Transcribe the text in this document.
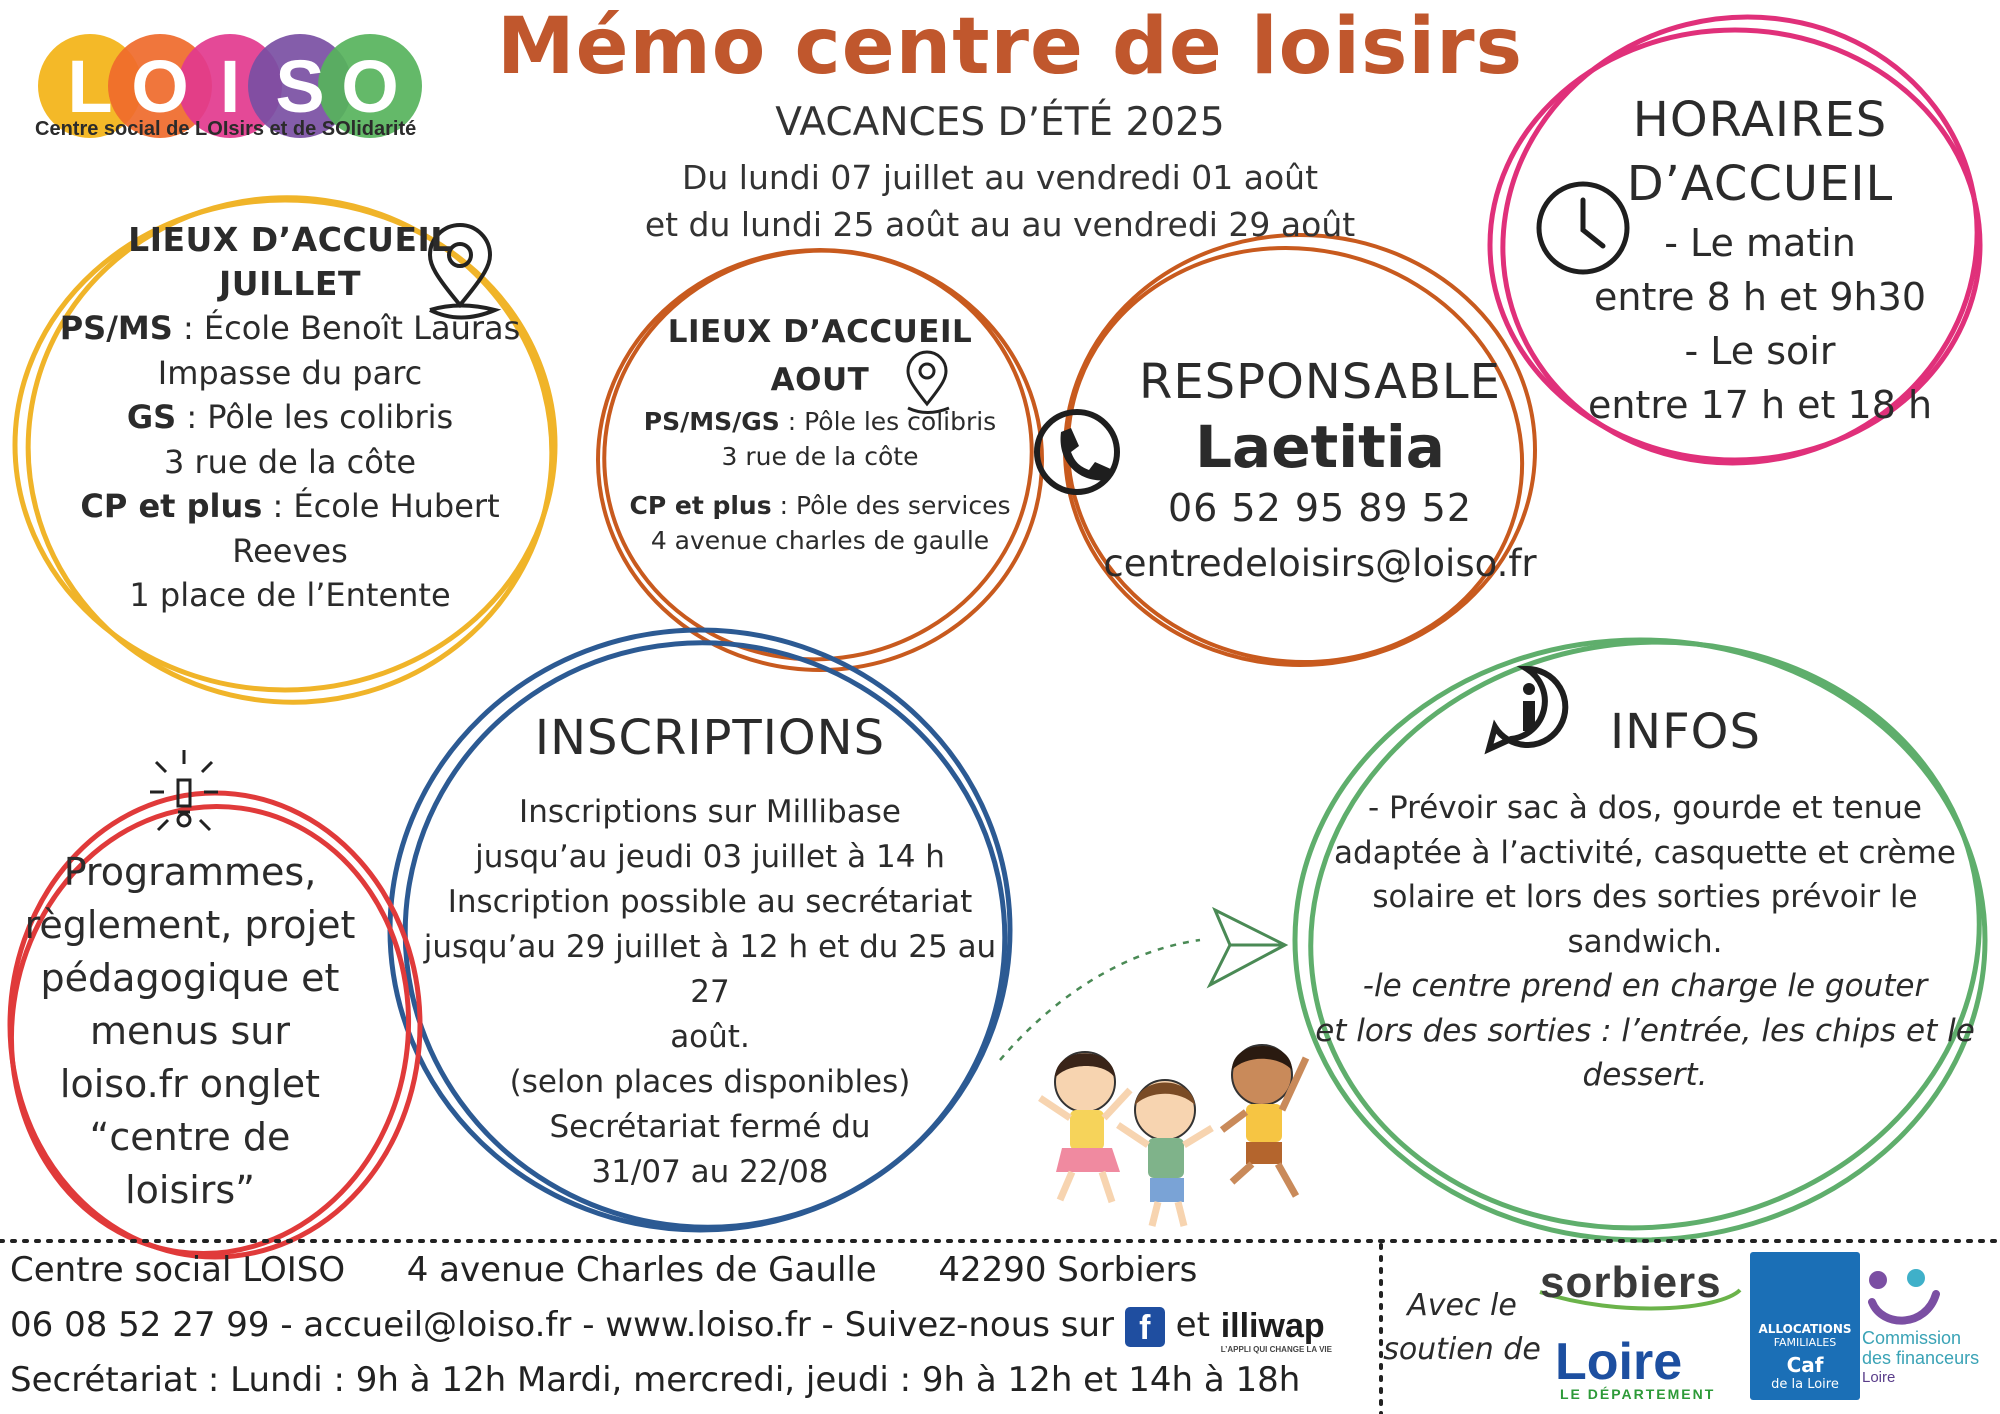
L O I S O
Centre social de LOIsirs et de SOlidarité
Mémo centre de loisirs
VACANCES D’ÉTÉ 2025
Du lundi 07 juillet au vendredi 01 août
et du lundi 25 août au au vendredi 29 août
LIEUX D’ACCUEIL
JUILLET
PS/MS : École Benoît Lauras
Impasse du parc
GS : Pôle les colibris
3 rue de la côte
CP et plus : École Hubert
Reeves
1 place de l’Entente
LIEUX D’ACCUEIL
AOUT
PS/MS/GS : Pôle les colibris
3 rue de la côte
CP et plus : Pôle des services
4 avenue charles de gaulle
RESPONSABLE
Laetitia
06 52 95 89 52
centredeloisirs@loiso.fr
HORAIRES
D’ACCUEIL
- Le matin
entre 8 h et 9h30
- Le soir
entre 17 h et 18 h
INSCRIPTIONS
Inscriptions sur Millibase
jusqu’au jeudi 03 juillet à 14 h
Inscription possible au secrétariat
jusqu’au 29 juillet à 12 h et du 25 au 27
août.
(selon places disponibles)
Secrétariat fermé du
31/07 au 22/08
INFOS
- Prévoir sac à dos, gourde et tenue
adaptée à l’activité, casquette et crème
solaire et lors des sorties prévoir le
sandwich.
-le centre prend en charge le gouter
et lors des sorties : l’entrée, les chips et le
dessert.
Programmes,
règlement, projet
pédagogique et
menus sur
loiso.fr onglet
“centre de loisirs”
Centre social LOISO 4 avenue Charles de Gaulle 42290 Sorbiers
06 08 52 27 99 - accueil@loiso.fr - www.loiso.fr - Suivez-nous sur f et illiwap
L’APPLI QUI CHANGE LA VIE
Secrétariat : Lundi : 9h à 12h Mardi, mercredi, jeudi : 9h à 12h et 14h à 18h
Avec le
soutien de
sorbiers
Loire
LE DÉPARTEMENT
ALLOCATIONS
FAMILIALES
Caf
de la Loire
Commission
des financeurs
Loire
